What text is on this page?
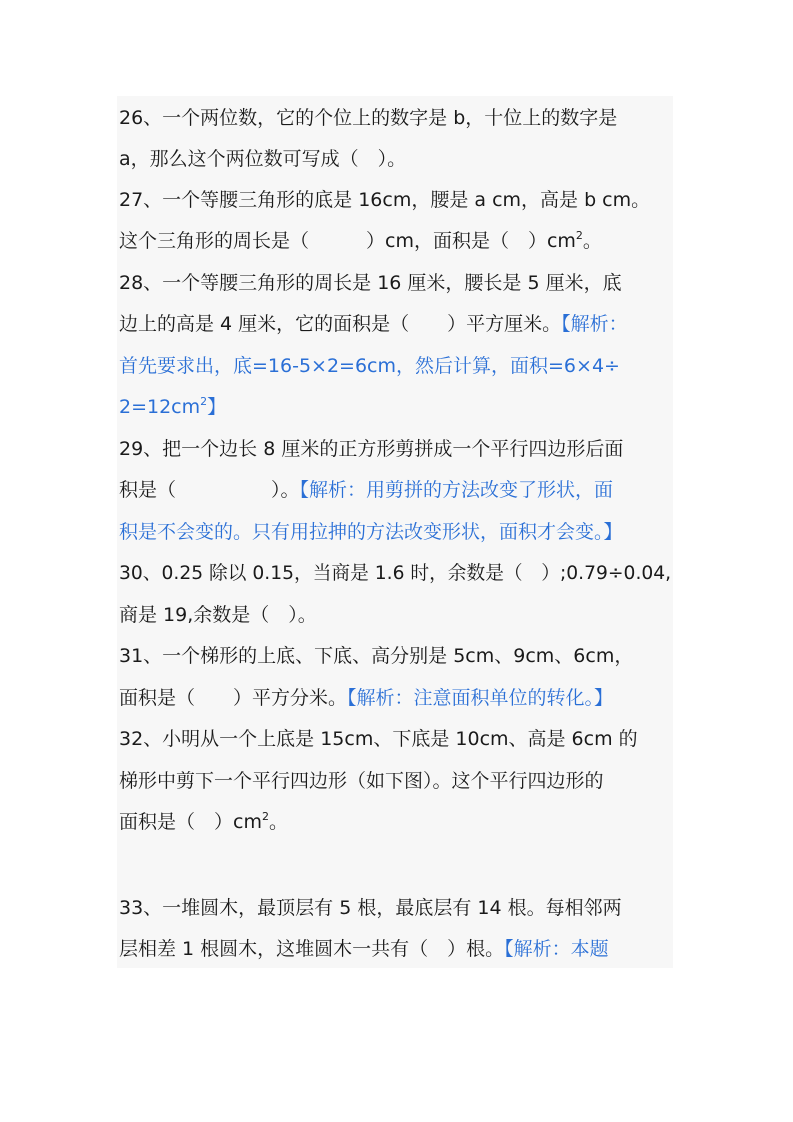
26、一个两位数，它的个位上的数字是 b，十位上的数字是
a，那么这个两位数可写成（　）。
27、一个等腰三角形的底是 16cm，腰是 a cm，高是 b cm。
这个三角形的周长是（　　　）cm，面积是（　）$cm^2$。
28、一个等腰三角形的周长是 16 厘米，腰长是 5 厘米，底
边上的高是 4 厘米，它的面积是（　　）平方厘米。【解析：
首先要求出，底=16-5×2=6cm，然后计算，面积=6×4÷
$2=12cm^2$】
29、把一个边长 8 厘米的正方形剪拼成一个平行四边形后面
积是（　　　　　）。【解析：用剪拼的方法改变了形状，面
积是不会变的。只有用拉抻的方法改变形状，面积才会变。】
30、0.25 除以 0.15，当商是 1.6 时，余数是（　）;0.79÷0.04,
商是 19,余数是（　）。
31、一个梯形的上底、下底、高分别是 5cm、9cm、6cm，
面积是（　　）平方分米。【解析：注意面积单位的转化。】
32、小明从一个上底是 15cm、下底是 10cm、高是 6cm 的
梯形中剪下一个平行四边形（如下图）。这个平行四边形的
面积是（　）$cm^2$。
33、一堆圆木，最顶层有 5 根，最底层有 14 根。每相邻两
层相差 1 根圆木，这堆圆木一共有（　）根。【解析：本题
